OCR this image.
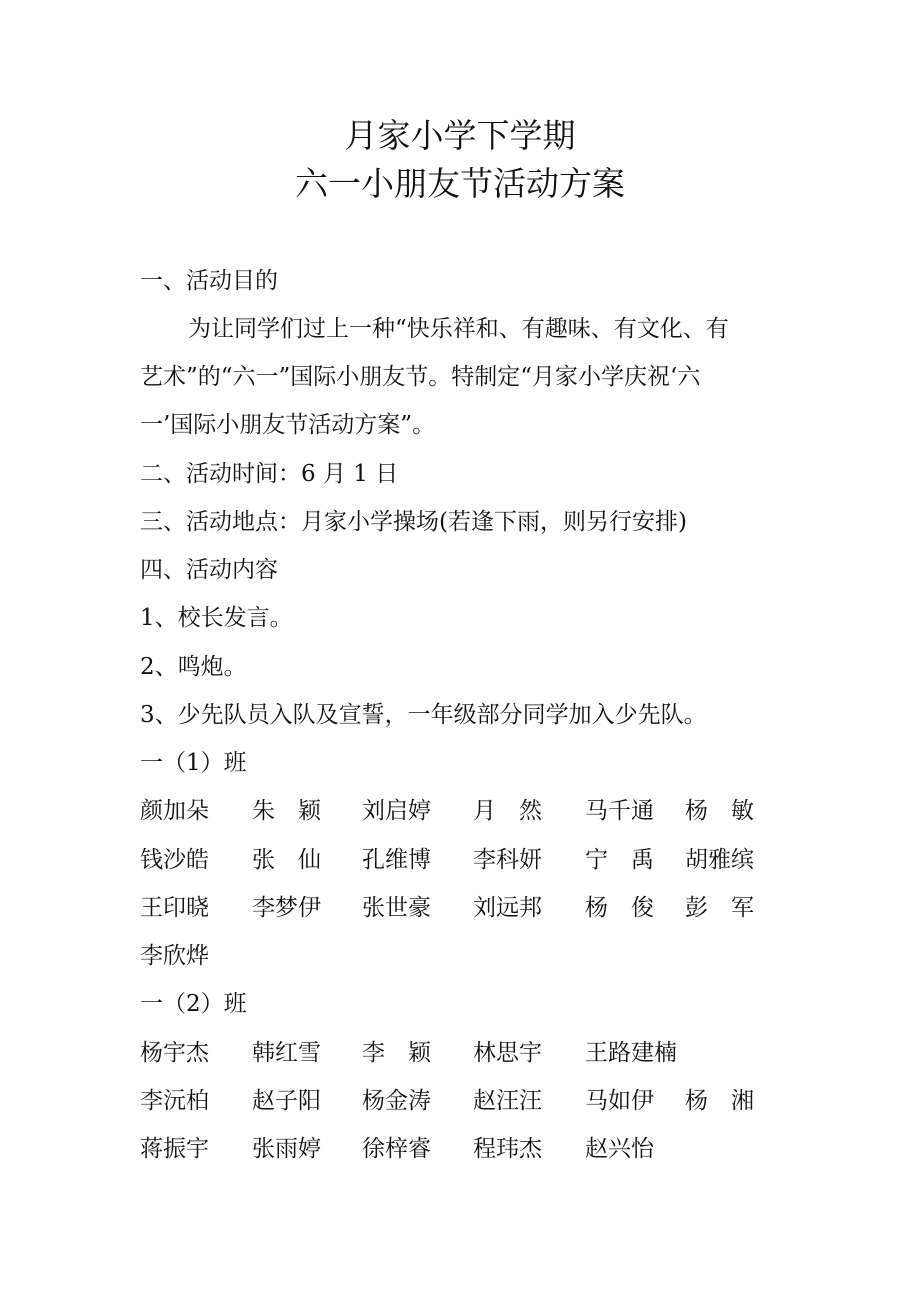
月家小学下学期
六一小朋友节活动方案
一、活动目的
为让同学们过上一种“快乐祥和、有趣味、有文化、有
艺术”的“六一”国际小朋友节。特制定“月家小学庆祝‘六
一’国际小朋友节活动方案”。
二、活动时间：6 月 1 日
三、活动地点：月家小学操场(若逢下雨，则另行安排)
四、活动内容
1、校长发言。
2、鸣炮。
3、少先队员入队及宣誓，一年级部分同学加入少先队。
一（1）班
颜加朵 朱　颖 刘启婷 月　然 马千通 杨　敏
钱沙皓 张　仙 孔维博 李科妍 宁　禹 胡雅缤
王印晓 李梦伊 张世豪 刘远邦 杨　俊 彭　军
李欣烨
一（2）班
杨宇杰 韩红雪 李　颖 林思宇 王路建楠
李沅柏 赵子阳 杨金涛 赵汪汪 马如伊 杨　湘
蒋振宇 张雨婷 徐梓睿 程玮杰 赵兴怡
